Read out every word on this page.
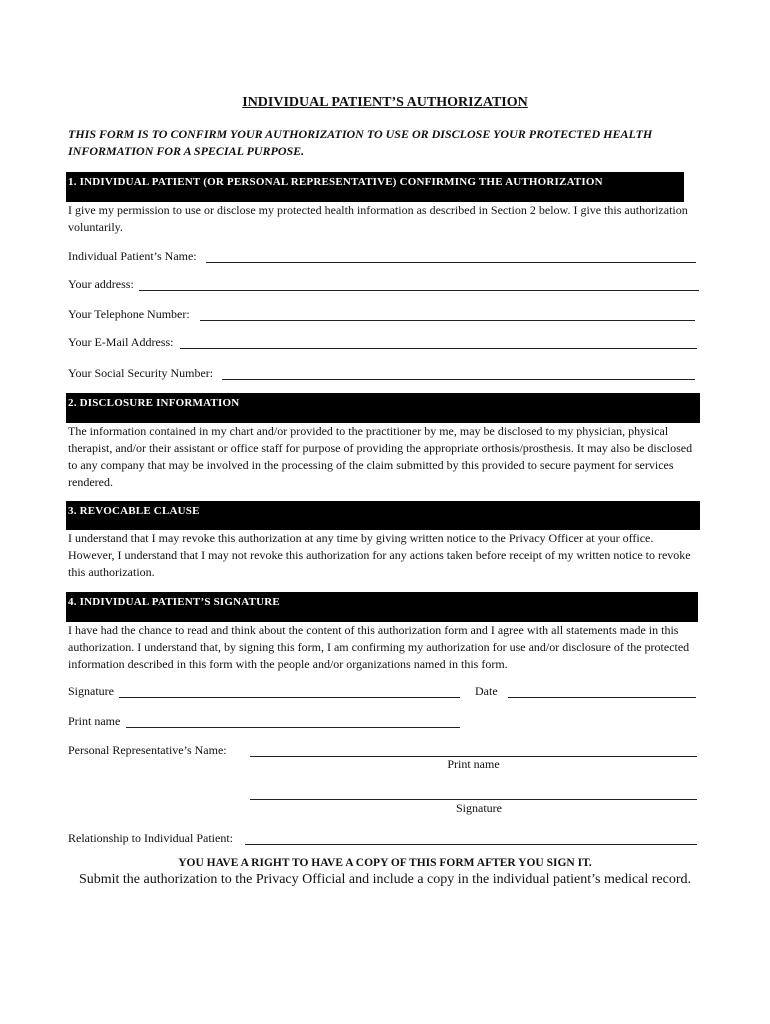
INDIVIDUAL PATIENT’S AUTHORIZATION
THIS FORM IS TO CONFIRM YOUR AUTHORIZATION TO USE OR DISCLOSE YOUR PROTECTED HEALTH INFORMATION FOR A SPECIAL PURPOSE.
1. INDIVIDUAL PATIENT (OR PERSONAL REPRESENTATIVE) CONFIRMING THE AUTHORIZATION
I give my permission to use or disclose my protected health information as described in Section 2 below. I give this authorization voluntarily.
Individual Patient’s Name:
Your address:
Your Telephone Number:
Your E-Mail Address:
Your Social Security Number:
2. DISCLOSURE INFORMATION
The information contained in my chart and/or provided to the practitioner by me, may be disclosed to my physician, physical therapist, and/or their assistant or office staff for purpose of providing the appropriate orthosis/prosthesis. It may also be disclosed to any company that may be involved in the processing of the claim submitted by this provided to secure payment for services rendered.
3. REVOCABLE CLAUSE
I understand that I may revoke this authorization at any time by giving written notice to the Privacy Officer at your office. However, I understand that I may not revoke this authorization for any actions taken before receipt of my written notice to revoke this authorization.
4. INDIVIDUAL PATIENT’S SIGNATURE
I have had the chance to read and think about the content of this authorization form and I agree with all statements made in this authorization. I understand that, by signing this form, I am confirming my authorization for use and/or disclosure of the protected information described in this form with the people and/or organizations named in this form.
Signature	Date
Print name
Personal Representative’s Name:
Print name
Signature
Relationship to Individual Patient:
YOU HAVE A RIGHT TO HAVE A COPY OF THIS FORM AFTER YOU SIGN IT.
Submit the authorization to the Privacy Official and include a copy in the individual patient’s medical record.
